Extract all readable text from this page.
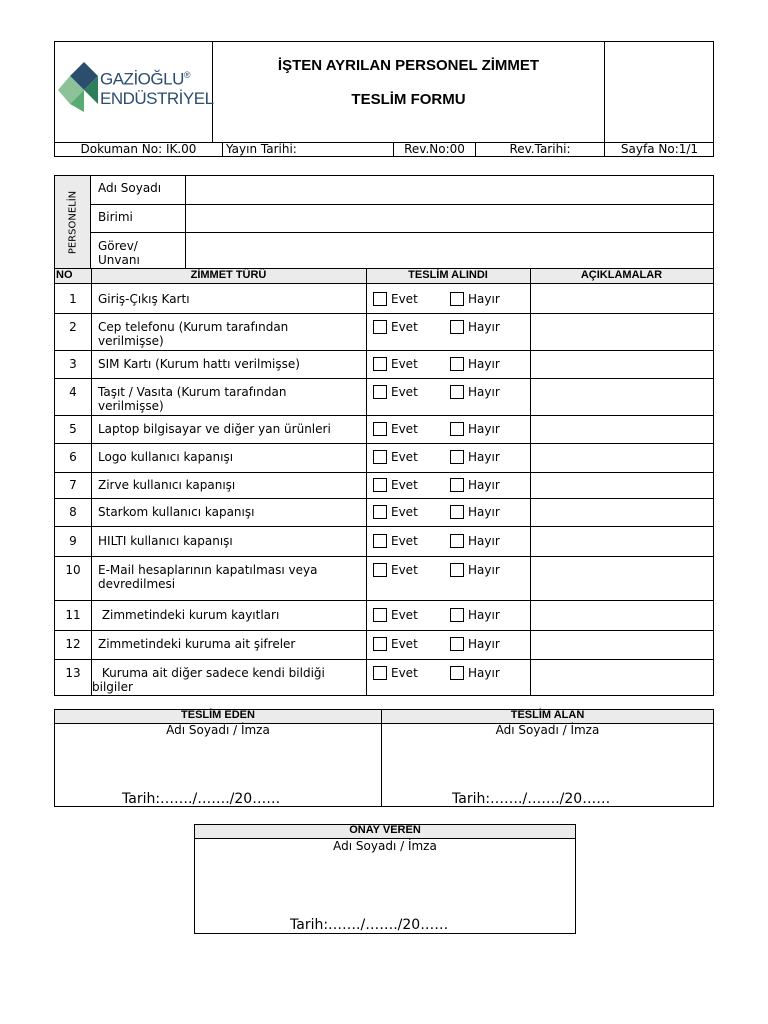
GAZİOĞLU®
ENDÜSTRİYEL
İŞTEN AYRILAN PERSONEL ZİMMET
TESLİM FORMU
Dokuman No: IK.00	Yayın Tarihi:	Rev.No:00	Rev.Tarihi:	Sayfa No:1/1
PERSONELİN
Adı Soyadı
Birimi
Görev/
Unvanı
NO	ZİMMET TÜRÜ	TESLİM ALINDI	AÇIKLAMALAR
1	Giriş-Çıkış Kartı	Evet	Hayır
2	Cep telefonu (Kurum tarafından
verilmişse)
Evet	Hayır
3	SIM Kartı (Kurum hattı verilmişse)	Evet	Hayır
4	Taşıt / Vasıta (Kurum tarafından
verilmişse)
Evet	Hayır
5	Laptop bilgisayar ve diğer yan ürünleri	Evet	Hayır
6	Logo kullanıcı kapanışı	Evet	Hayır
7	Zirve kullanıcı kapanışı	Evet	Hayır
8	Starkom kullanıcı kapanışı	Evet	Hayır
9	HILTI kullanıcı kapanışı	Evet	Hayır
10	E-Mail hesaplarının kapatılması veya
devredilmesi
Evet	Hayır
11	Zimmetindeki kurum kayıtları	Evet	Hayır
12	Zimmetindeki kuruma ait şifreler	Evet	Hayır
13	Kuruma ait diğer sadece kendi bildiği
bilgiler
Evet	Hayır
TESLİM EDEN	TESLİM ALAN
Adı Soyadı / İmza	Adı Soyadı / İmza
Tarih:……./……./20……	Tarih:……./……./20……
ONAY VEREN
Adı Soyadı / İmza
Tarih:……./……./20……
